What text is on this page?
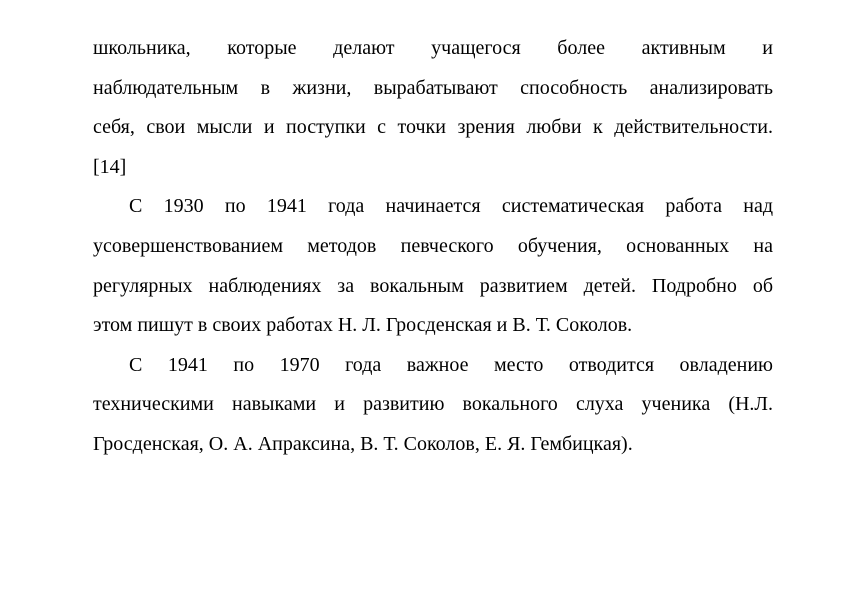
школьника, которые делают учащегося более активным и
наблюдательным в жизни, вырабатывают способность анализировать
себя, свои мысли и поступки с точки зрения любви к действительности.
[14]
С 1930 по 1941 года начинается систематическая работа над
усовершенствованием методов певческого обучения, основанных на
регулярных наблюдениях за вокальным развитием детей. Подробно об
этом пишут в своих работах Н. Л. Гросденская и В. Т. Соколов.
С 1941 по 1970 года важное место отводится овладению
техническими навыками и развитию вокального слуха ученика (Н.Л.
Гросденская, О. А. Апраксина, В. Т. Соколов, Е. Я. Гембицкая).
